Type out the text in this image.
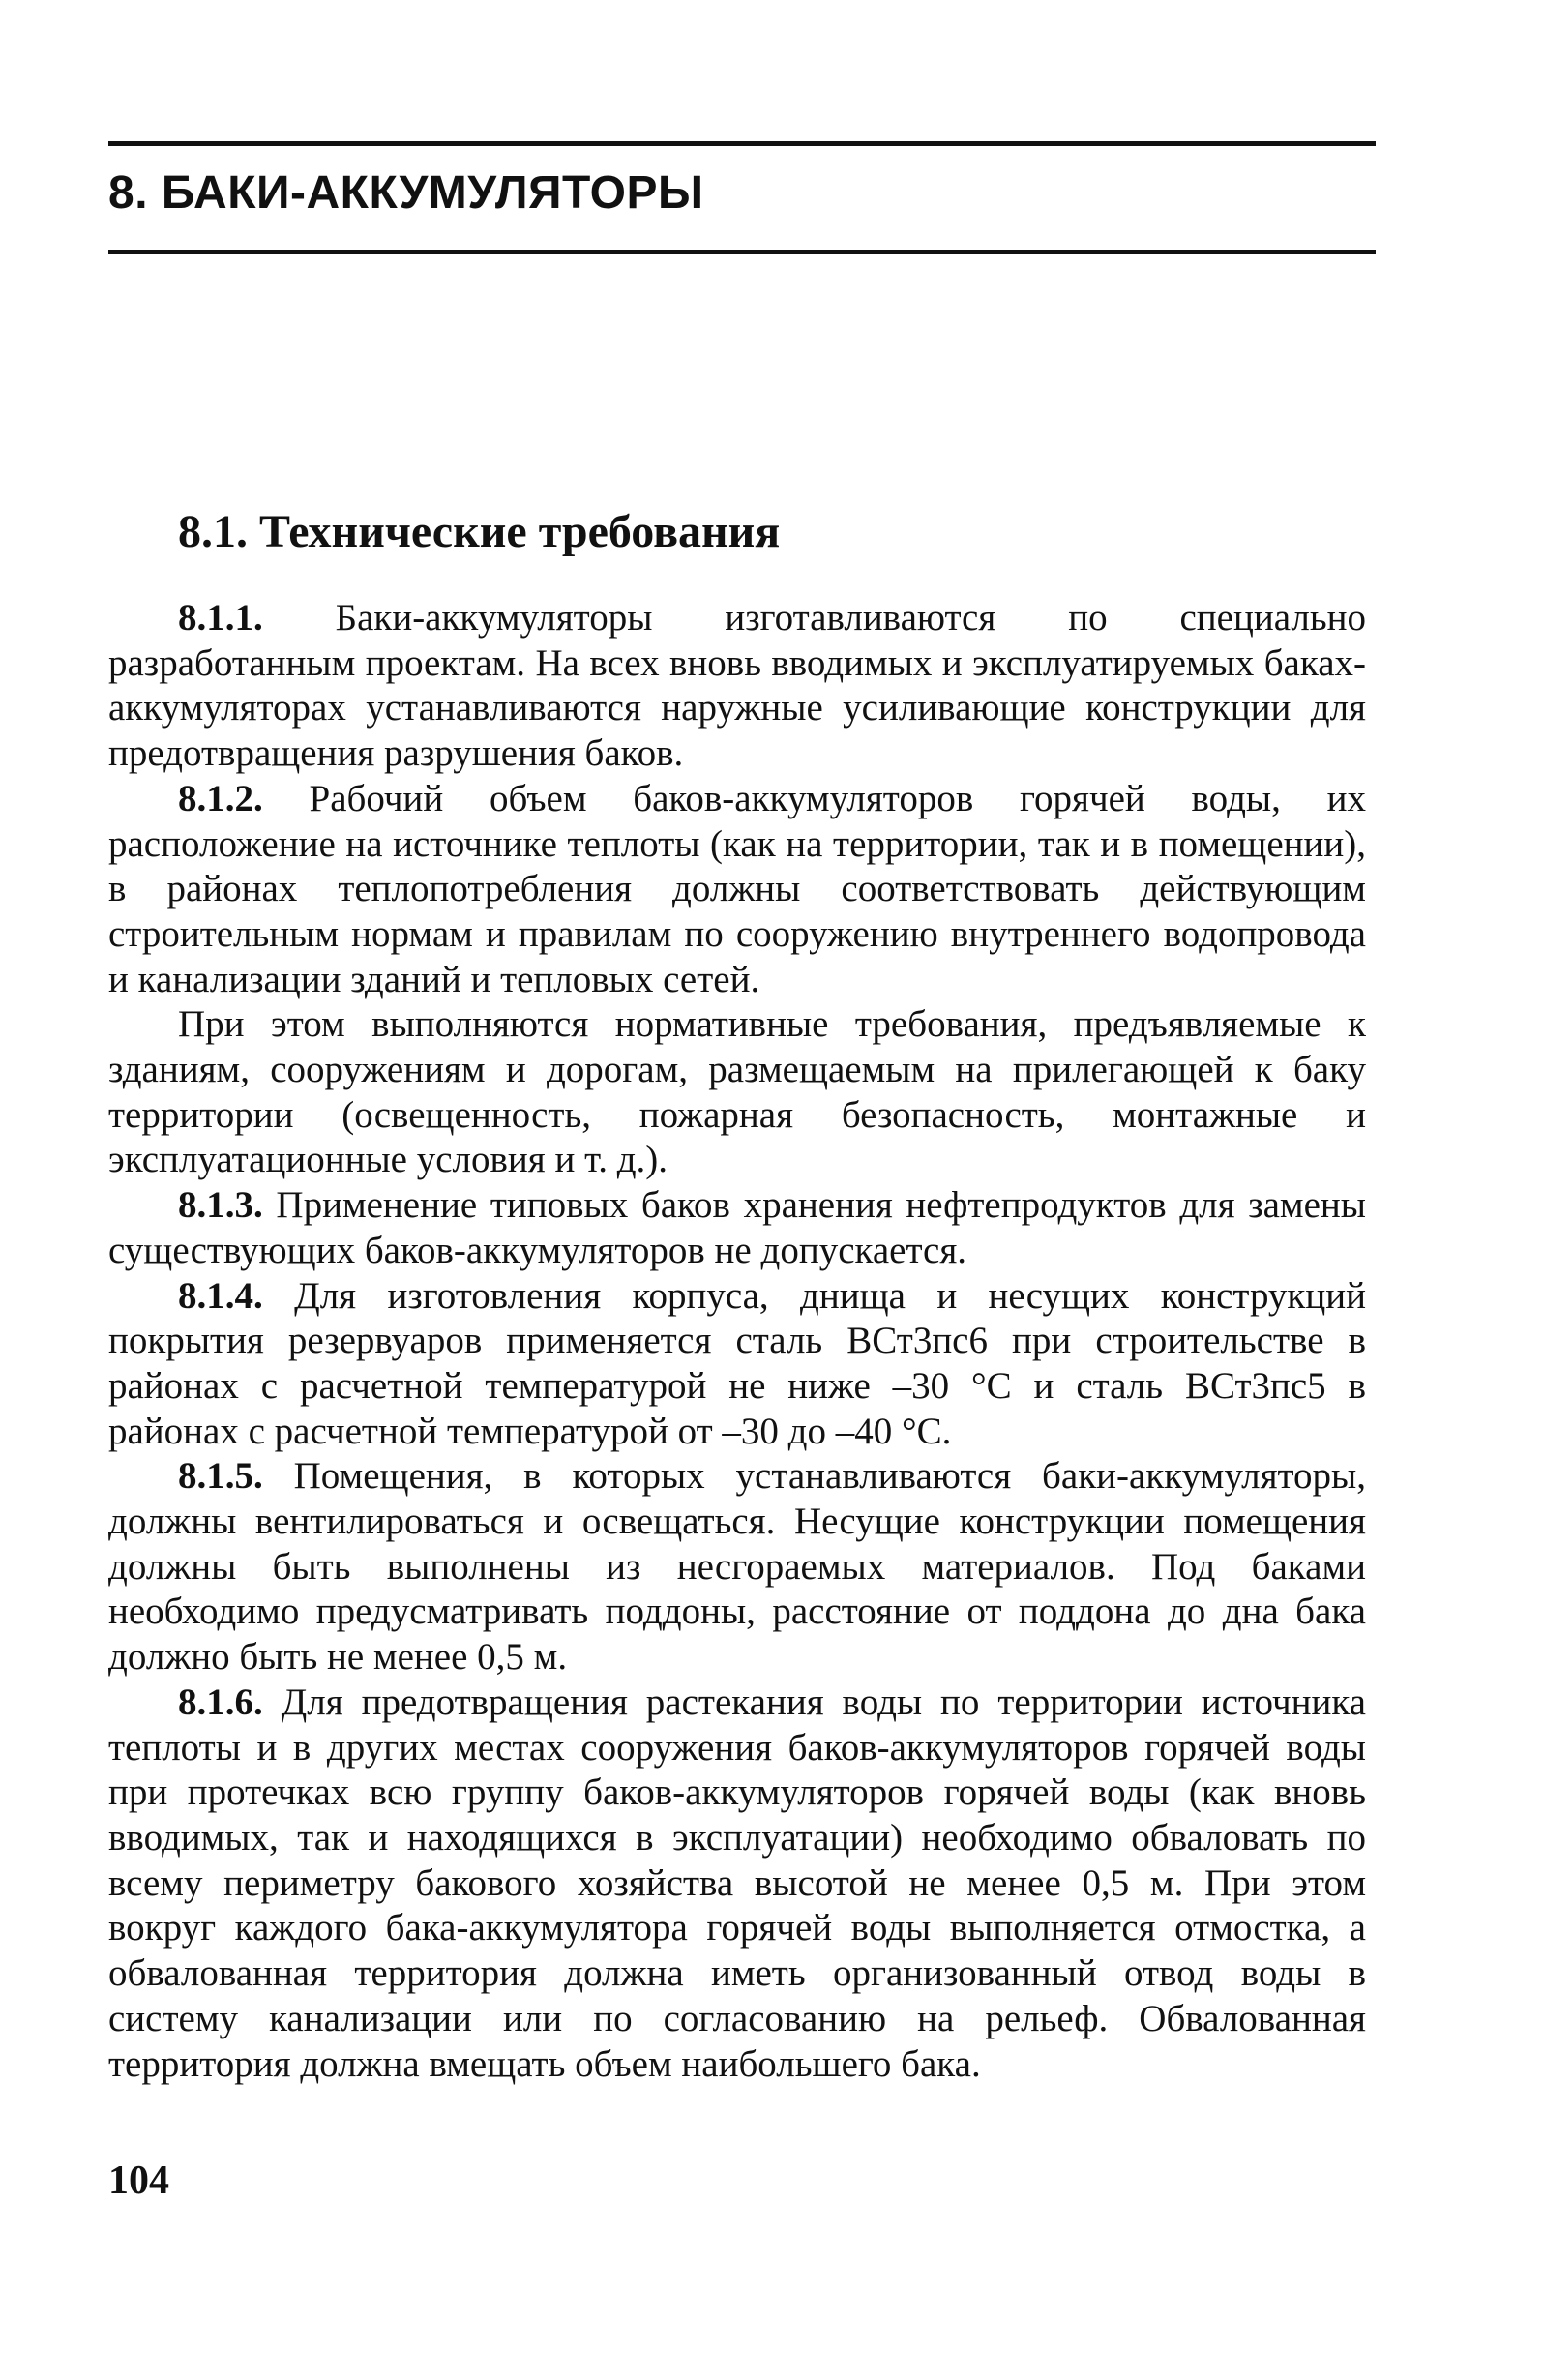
8. БАКИ-АККУМУЛЯТОРЫ
8.1. Технические требования

8.1.1. Баки-аккумуляторы изготавливаются по специально разработанным проектам. На всех вновь вводимых и эксплуатируемых баках-аккумуляторах устанавливаются наружные усиливающие конструкции для предотвращения разрушения баков.

8.1.2. Рабочий объем баков-аккумуляторов горячей воды, их расположение на источнике теплоты (как на территории, так и в помещении), в районах теплопотребления должны соответствовать действующим строительным нормам и правилам по сооружению внутреннего водопровода и канализации зданий и тепловых сетей.

При этом выполняются нормативные требования, предъявляемые к зданиям, сооружениям и дорогам, размещаемым на прилегающей к баку территории (освещенность, пожарная безопасность, монтажные и эксплуатационные условия и т. д.).

8.1.3. Применение типовых баков хранения нефтепродуктов для замены существующих баков-аккумуляторов не допускается.

8.1.4. Для изготовления корпуса, днища и несущих конструкций покрытия резервуаров применяется сталь ВСт3пс6 при строительстве в районах с расчетной температурой не ниже –30 °С и сталь ВСт3пс5 в районах с расчетной температурой от –30 до –40 °С.

8.1.5. Помещения, в которых устанавливаются баки-аккумуляторы, должны вентилироваться и освещаться. Несущие конструкции помещения должны быть выполнены из несгораемых материалов. Под баками необходимо предусматривать поддоны, расстояние от поддона до дна бака должно быть не менее 0,5 м.

8.1.6. Для предотвращения растекания воды по территории источника теплоты и в других местах сооружения баков-аккумуляторов горячей воды при протечках всю группу баков-аккумуляторов горячей воды (как вновь вводимых, так и находящихся в эксплуатации) необходимо обваловать по всему периметру бакового хозяйства высотой не менее 0,5 м. При этом вокруг каждого бака-аккумулятора горячей воды выполняется отмостка, а обвалованная территория должна иметь организованный отвод воды в систему канализации или по согласованию на рельеф. Обвалованная территория должна вмещать объем наибольшего бака.

104
